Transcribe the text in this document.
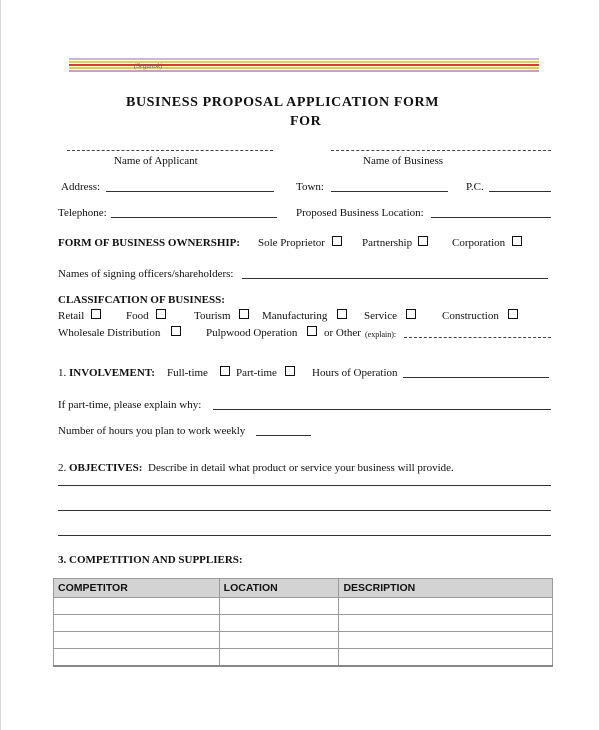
(Seganok)
BUSINESS PROPOSAL APPLICATION FORM
FOR
Name of Applicant	Name of Business
Address:	Town:	P.C.
Telephone:	Proposed Business Location:
FORM OF BUSINESS OWNERSHIP: Sole Proprietor	Partnership	Corporation
Names of signing officers/shareholders:
CLASSIFCATION OF BUSINESS:
Retail	Food	Tourism	Manufacturing	Service	Construction
Wholesale Distribution	Pulpwood Operation or Other (explain):
1. INVOLVEMENT: Full-time	Part-time	Hours of Operation
If part-time, please explain why:
Number of hours you plan to work weekly
2. OBJECTIVES: Describe in detail what product or service your business will provide.
3. COMPETITION AND SUPPLIERS:
COMPETITOR	LOCATION	DESCRIPTION
